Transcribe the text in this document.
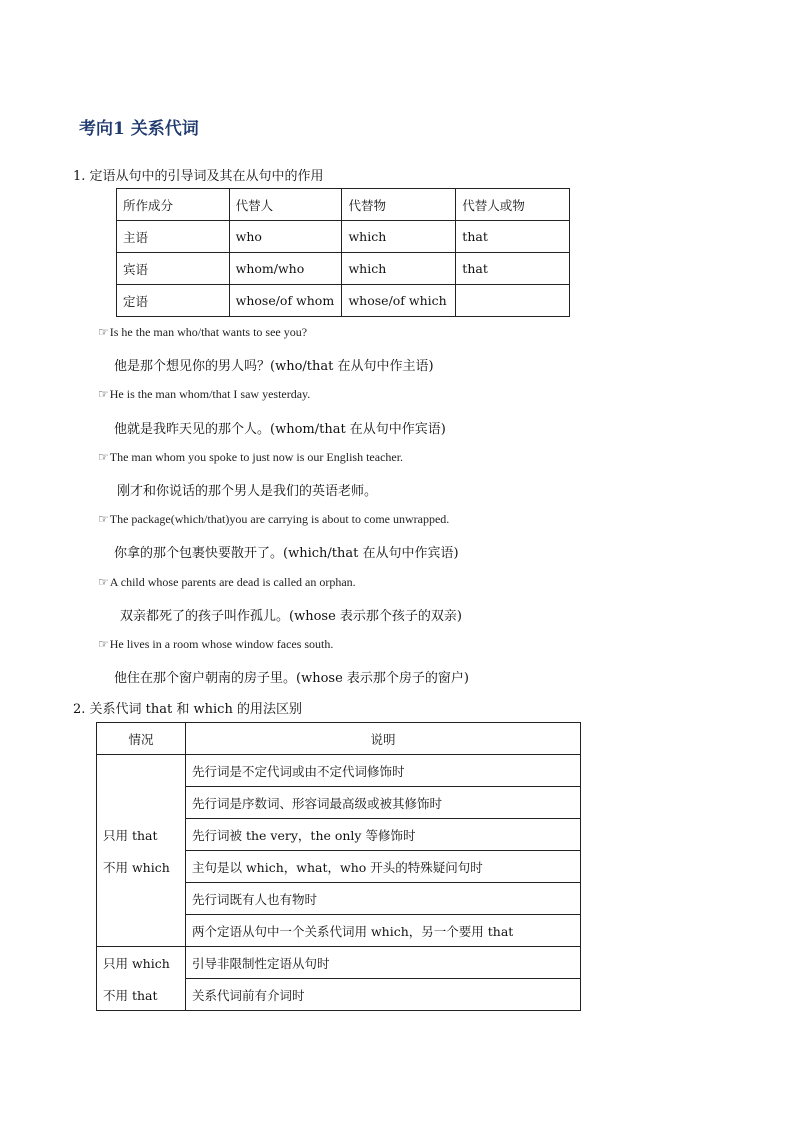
考向1 关系代词
1. 定语从句中的引导词及其在从句中的作用
所作成分	代替人	代替物	代替人或物
主语	who	which	that
宾语	whom/who	which	that
定语	whose/of whom	whose/of which	
☞Is he the man who/that wants to see you?
他是那个想见你的男人吗？(who/that 在从句中作主语)
☞He is the man whom/that I saw yesterday.
他就是我昨天见的那个人。(whom/that 在从句中作宾语)
☞The man whom you spoke to just now is our English teacher.
刚才和你说话的那个男人是我们的英语老师。
☞The package(which/that)you are carrying is about to come unwrapped.
你拿的那个包裹快要散开了。(which/that 在从句中作宾语)
☞A child whose parents are dead is called an orphan.
双亲都死了的孩子叫作孤儿。(whose 表示那个孩子的双亲)
☞He lives in a room whose window faces south.
他住在那个窗户朝南的房子里。(whose 表示那个房子的窗户)
2. 关系代词 that 和 which 的用法区别
情况	说明

只用 that
不用 which	先行词是不定代词或由不定代词修饰时
	先行词是序数词、形容词最高级或被其修饰时
	先行词被 the very，the only 等修饰时
	主句是以 which，what，who 开头的特殊疑问句时
	先行词既有人也有物时
	两个定语从句中一个关系代词用 which，另一个要用 that

只用 which
不用 that	引导非限制性定语从句时
	关系代词前有介词时
